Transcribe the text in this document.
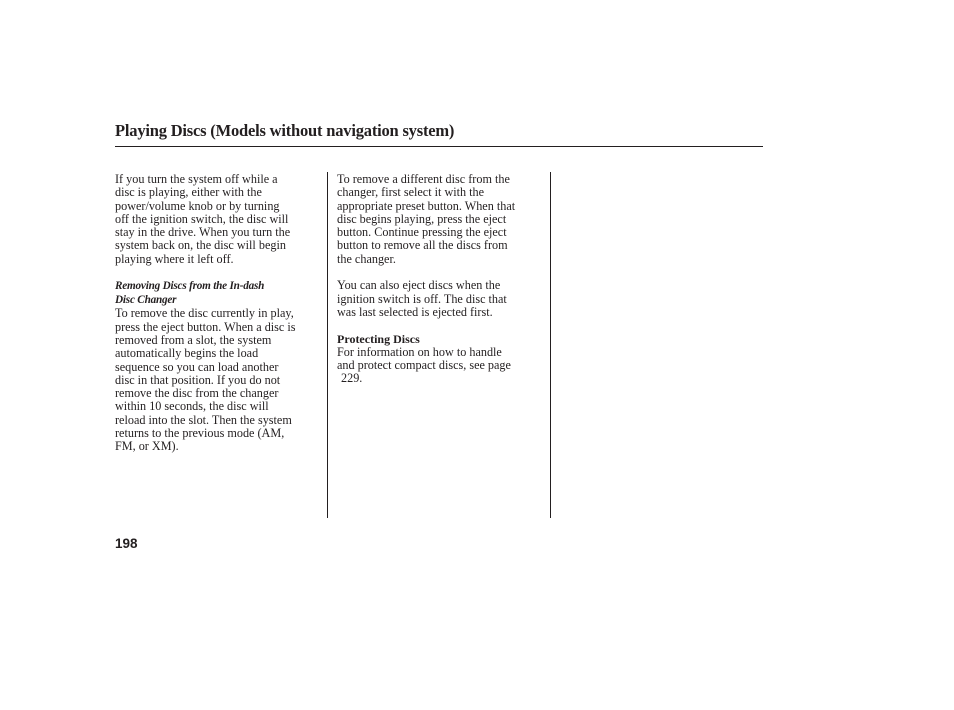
Playing Discs (Models without navigation system)

If you turn the system off while a
disc is playing, either with the
power/volume knob or by turning
off the ignition switch, the disc will
stay in the drive. When you turn the
system back on, the disc will begin
playing where it left off.

Removing Discs from the In-dash
Disc Changer

To remove the disc currently in play,
press the eject button. When a disc is
removed from a slot, the system
automatically begins the load
sequence so you can load another
disc in that position. If you do not
remove the disc from the changer
within 10 seconds, the disc will
reload into the slot. Then the system
returns to the previous mode (AM,
FM, or XM).

To remove a different disc from the
changer, first select it with the
appropriate preset button. When that
disc begins playing, press the eject
button. Continue pressing the eject
button to remove all the discs from
the changer.

You can also eject discs when the
ignition switch is off. The disc that
was last selected is ejected first.

Protecting Discs

For information on how to handle
and protect compact discs, see page
229.

198
